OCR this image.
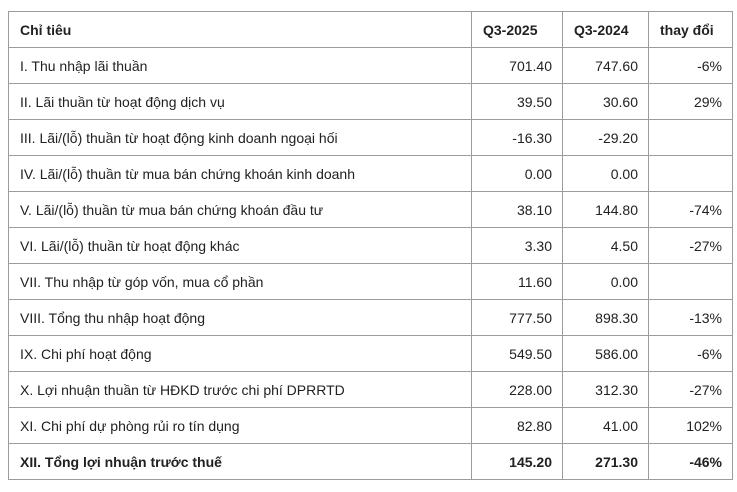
Chỉ tiêu	Q3-2025	Q3-2024	thay đổi
I. Thu nhập lãi thuần	701.40	747.60	-6%
II. Lãi thuần từ hoạt động dịch vụ	39.50	30.60	29%
III. Lãi/(lỗ) thuần từ hoạt động kinh doanh ngoại hối	-16.30	-29.20	
IV. Lãi/(lỗ) thuần từ mua bán chứng khoán kinh doanh	0.00	0.00	
V. Lãi/(lỗ) thuần từ mua bán chứng khoán đầu tư	38.10	144.80	-74%
VI. Lãi/(lỗ) thuần từ hoạt động khác	3.30	4.50	-27%
VII. Thu nhập từ góp vốn, mua cổ phần	11.60	0.00	
VIII. Tổng thu nhập hoạt động	777.50	898.30	-13%
IX. Chi phí hoạt động	549.50	586.00	-6%
X. Lợi nhuận thuần từ HĐKD trước chi phí DPRRTD	228.00	312.30	-27%
XI. Chi phí dự phòng rủi ro tín dụng	82.80	41.00	102%
XII. Tổng lợi nhuận trước thuế	145.20	271.30	-46%
